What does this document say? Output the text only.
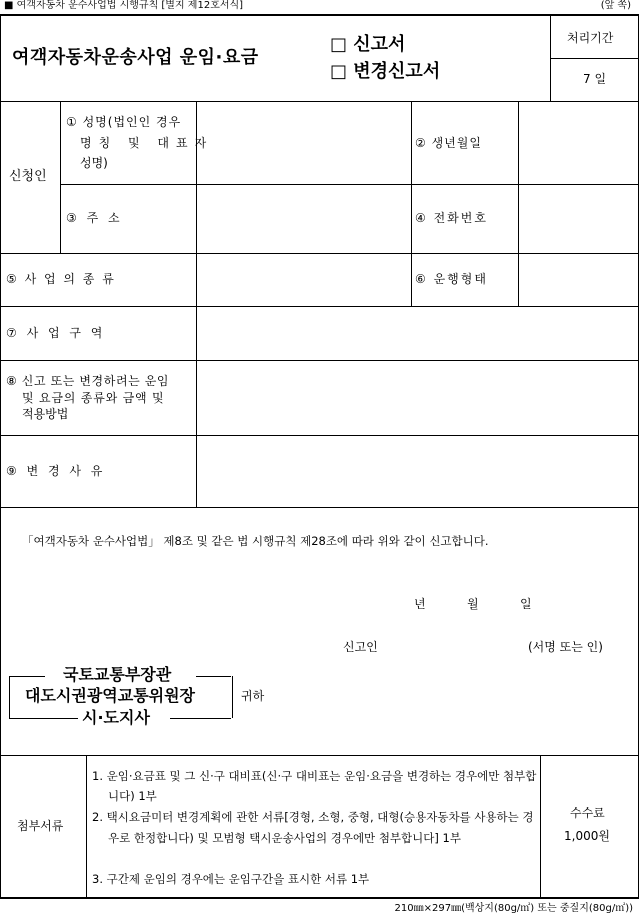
■ 여객자동차 운수사업법 시행규칙 [별지 제12호서식]	(앞 쪽)
여객자동차운송사업 운임·요금
□ 신고서
□ 변경신고서
처리기간
7 일
신청인
① 성명(법인인 경우
명칭 및 대표자
성명)
② 생년월일
③ 주 소	④ 전화번호
⑤ 사 업 의 종 류	⑥ 운행형태
⑦ 사 업 구 역
⑧ 신고 또는 변경하려는 운임
및 요금의 종류와 금액 및
적용방법
⑨ 변 경 사 유
「여객자동차 운수사업법」 제8조 및 같은 법 시행규칙 제28조에 따라 위와 같이 신고합니다.
년	월	일
신고인	(서명 또는 인)
국토교통부장관
대도시권광역교통위원장
시·도지사
귀하
첨부서류
1. 운임·요금표 및 그 신·구 대비표(신·구 대비표는 운임·요금을 변경하는 경우에만 첨부합니다) 1부
2. 택시요금미터 변경계획에 관한 서류[경형, 소형, 중형, 대형(승용자동차를 사용하는 경우로 한정합니다) 및 모범형 택시운송사업의 경우에만 첨부합니다] 1부
3. 구간제 운임의 경우에는 운임구간을 표시한 서류 1부
수수료
1,000원
210㎜×297㎜(백상지(80g/㎡) 또는 중질지(80g/㎡))
